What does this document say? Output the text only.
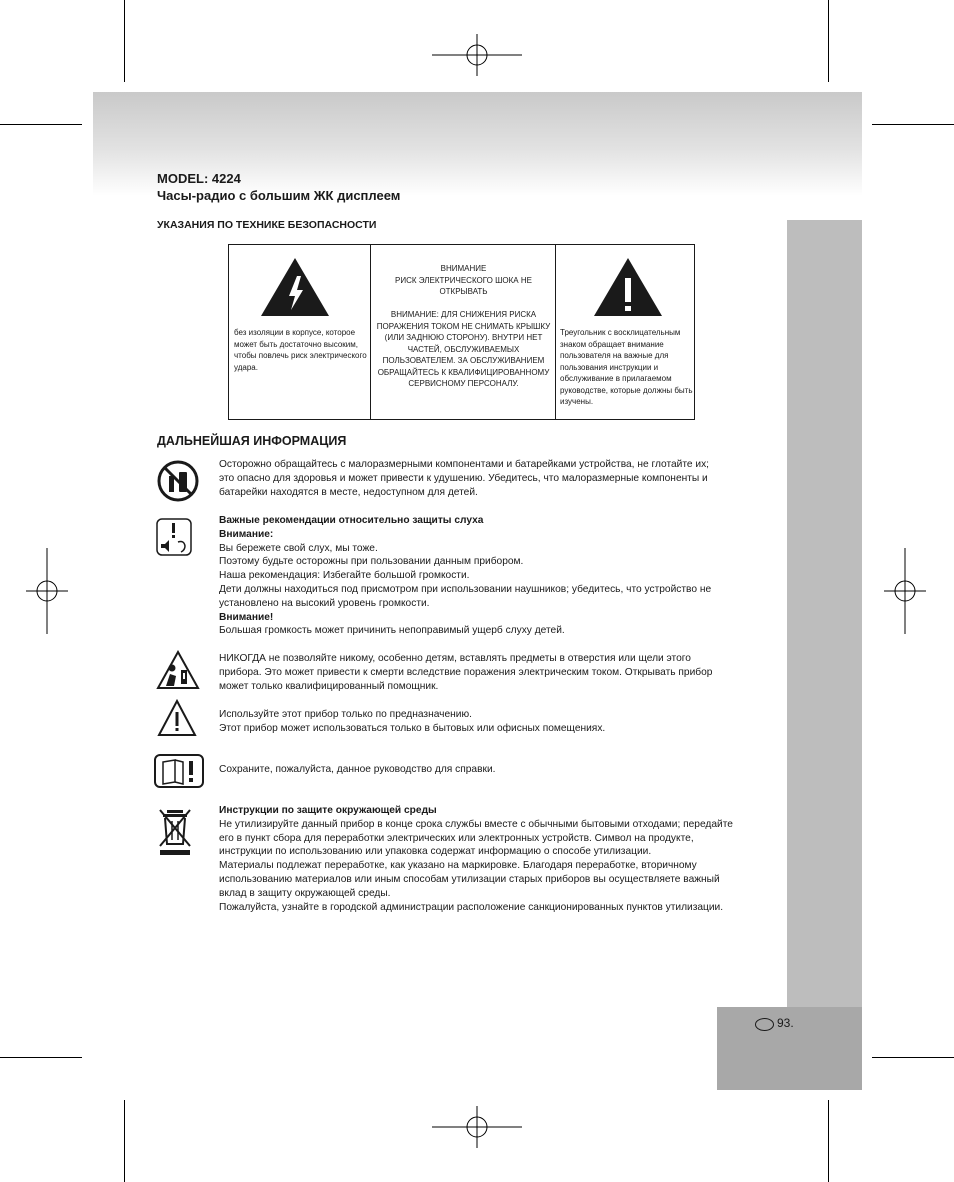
93.
MODEL: 4224
Часы-радио с большим ЖК дисплеем
УКАЗАНИЯ ПО ТЕХНИКЕ БЕЗОПАСНОСТИ
без изоляции в корпусе, которое может быть достаточно высоким, чтобы повлечь риск электрического удара.
ВНИМАНИЕ
РИСК ЭЛЕКТРИЧЕСКОГО ШОКА НЕ ОТКРЫВАТЬ
ВНИМАНИЕ: ДЛЯ СНИЖЕНИЯ РИСКА ПОРАЖЕНИЯ ТОКОМ НЕ СНИМАТЬ КРЫШКУ (ИЛИ ЗАДНЮЮ СТОРОНУ). ВНУТРИ НЕТ ЧАСТЕЙ, ОБСЛУЖИВАЕМЫХ ПОЛЬЗОВАТЕЛЕМ. ЗА ОБСЛУЖИВАНИЕМ ОБРАЩАЙТЕСЬ К КВАЛИФИЦИРОВАННОМУ СЕРВИСНОМУ ПЕРСОНАЛУ.
Треугольник с восклицательным знаком обращает внимание пользователя на важные для пользования инструкции и обслуживание в прилагаемом руководстве, которые должны быть изучены.
ДАЛЬНЕЙШАЯ ИНФОРМАЦИЯ
Осторожно обращайтесь с малоразмерными компонентами и батарейками устройства, не глотайте их; это опасно для здоровья и может привести к удушению. Убедитесь, что малоразмерные компоненты и батарейки находятся в месте, недоступном для детей.

Важные рекомендации относительно защиты слуха

Внимание:

Вы бережете свой слух, мы тоже.

Поэтому будьте осторожны при пользовании данным прибором.

Наша рекомендация: Избегайте большой громкости.

Дети должны находиться под присмотром при использовании наушников; убедитесь, что устройство не установлено на высокий уровень громкости.

Внимание!

Большая громкость может причинить непоправимый ущерб слуху детей.

НИКОГДА не позволяйте никому, особенно детям, вставлять предметы в отверстия или щели этого прибора. Это может привести к смерти вследствие поражения электрическим током. Открывать прибор может только квалифицированный помощник.

Используйте этот прибор только по предназначению.

Этот прибор может использоваться только в бытовых или офисных помещениях.

Сохраните, пожалуйста, данное руководство для справки.

Инструкции по защите окружающей среды

Не утилизируйте данный прибор в конце срока службы вместе с обычными бытовыми отходами; передайте его в пункт сбора для переработки электрических или электронных устройств. Символ на продукте, инструкции по использованию или упаковка содержат информацию о способе утилизации.

Материалы подлежат переработке, как указано на маркировке. Благодаря переработке, вторичному использованию материалов или иным способам утилизации старых приборов вы осуществляете важный вклад в защиту окружающей среды.

Пожалуйста, узнайте в городской администрации расположение санкционированных пунктов утилизации.
